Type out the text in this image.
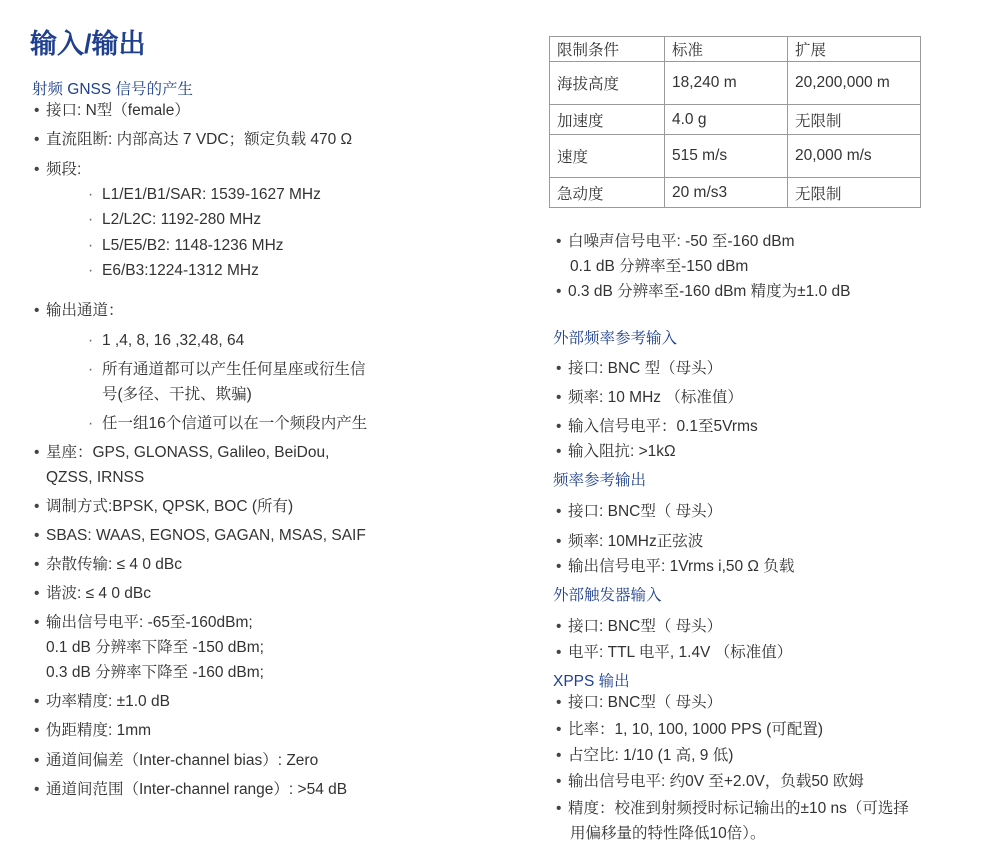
输入/输出
射频 GNSS 信号的产生
• 接口: N型（female）
• 直流阻断: 内部高达 7 VDC；额定负载 470 Ω
• 频段:
· L1/E1/B1/SAR: 1539-1627 MHz
· L2/L2C: 1192-280 MHz
· L5/E5/B2: 1148-1236 MHz
· E6/B3:1224-1312 MHz
• 输出通道：
· 1 ,4, 8, 16 ,32,48, 64
· 所有通道都可以产生任何星座或衍生信
号(多径、干扰、欺骗)
· 任一组16个信道可以在一个频段内产生
• 星座：GPS, GLONASS, Galileo, BeiDou,
QZSS, IRNSS
• 调制方式:BPSK, QPSK, BOC (所有)
• SBAS: WAAS, EGNOS, GAGAN, MSAS, SAIF
• 杂散传输: ≤ 4 0 dBc
• 谐波: ≤ 4 0 dBc
• 输出信号电平: -65至-160dBm;
0.1 dB 分辨率下降至 -150 dBm;
0.3 dB 分辨率下降至 -160 dBm;
• 功率精度: ±1.0 dB
• 伪距精度: 1mm
• 通道间偏差（Inter-channel bias）: Zero
• 通道间范围（Inter-channel range）: >54 dB
限制条件	标准	扩展
海拔高度	18,240 m	20,200,000 m
加速度	4.0 g	无限制
速度	515 m/s	20,000 m/s
急动度	20 m/s3	无限制
• 白噪声信号电平: -50 至-160 dBm
0.1 dB 分辨率至-150 dBm
• 0.3 dB 分辨率至-160 dBm 精度为±1.0 dB
外部频率参考输入
• 接口: BNC 型（母头）
• 频率: 10 MHz （标准值）
• 输入信号电平：0.1至5Vrms
• 输入阻抗: >1kΩ
频率参考输出
• 接口: BNC型（ 母头）
• 频率: 10MHz正弦波
• 输出信号电平: 1Vrms i,50 Ω 负载
外部触发器输入
• 接口: BNC型（ 母头）
• 电平: TTL 电平, 1.4V （标准值）
XPPS 输出
• 接口: BNC型（ 母头）
• 比率：1, 10, 100, 1000 PPS (可配置)
• 占空比: 1/10 (1 高, 9 低)
• 输出信号电平: 约0V 至+2.0V，负载50 欧姆
• 精度：校准到射频授时标记输出的±10 ns（可选择
用偏移量的特性降低10倍）。
